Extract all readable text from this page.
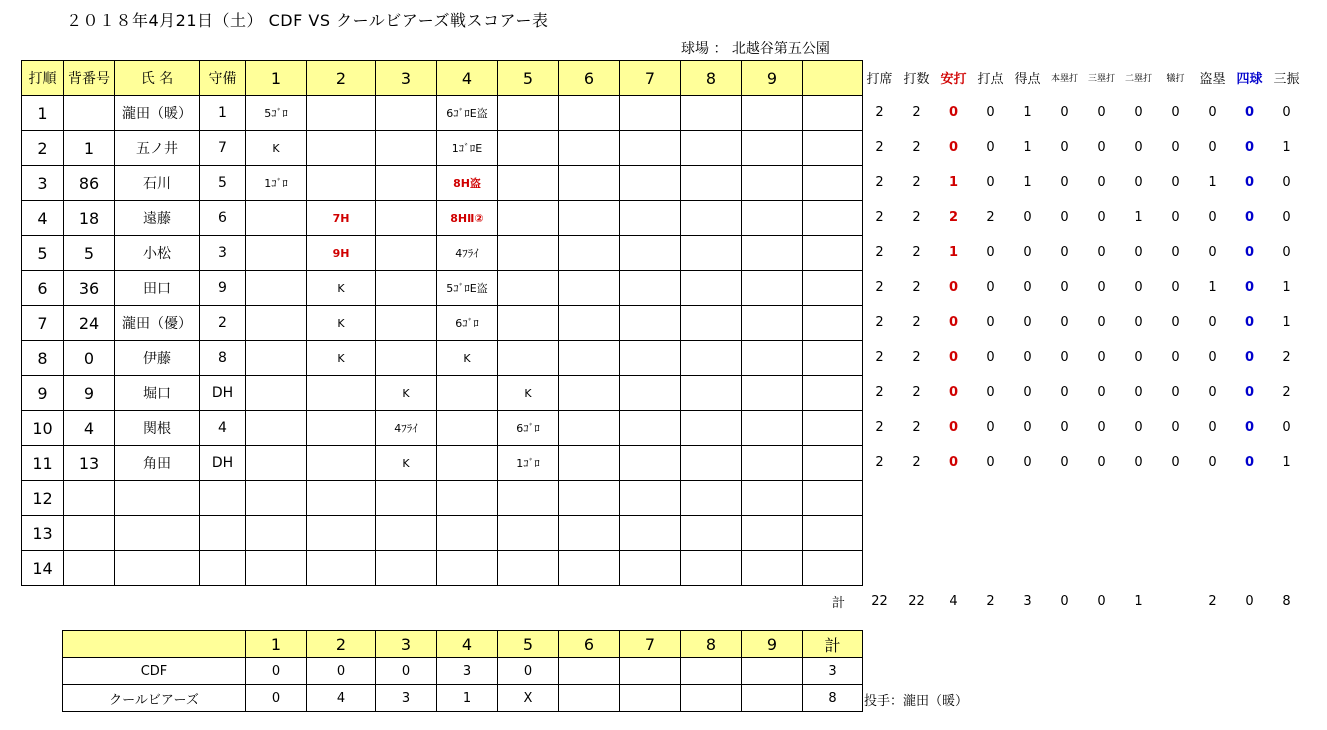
２０１８年4月21日（土） CDF VS クールビアーズ戦スコアー表
球場 ： 北越谷第五公園
打順	背番号	氏 名	守備	1	2	3	4	5	6	7	8	9	
1		瀧田（暖）	1	5ｺﾞﾛ			6ｺﾞﾛE盗						
2	1	五ノ井	7	K			1ｺﾞﾛE						
3	86	石川	5	1ｺﾞﾛ			8H盗						
4	18	遠藤	6		7H		8HⅡ②						
5	5	小松	3		9H		4ﾌﾗｲ						
6	36	田口	9		K		5ｺﾞﾛE盗						
7	24	瀧田（優）	2		K		6ｺﾞﾛ						
8	0	伊藤	8		K		K						
9	9	堀口	DH			K		K					
10	4	関根	4			4ﾌﾗｲ		6ｺﾞﾛ					
11	13	角田	DH			K		1ｺﾞﾛ					
12													
13													
14													
打席	打数	安打	打点	得点	本塁打	三塁打	二塁打	犠打	盗塁	四球	三振
2	2	0	0	1	0	0	0	0	0	0	0
2	2	0	0	1	0	0	0	0	0	0	1
2	2	1	0	1	0	0	0	0	1	0	0
2	2	2	2	0	0	0	1	0	0	0	0
2	2	1	0	0	0	0	0	0	0	0	0
2	2	0	0	0	0	0	0	0	1	0	1
2	2	0	0	0	0	0	0	0	0	0	1
2	2	0	0	0	0	0	0	0	0	0	2
2	2	0	0	0	0	0	0	0	0	0	2
2	2	0	0	0	0	0	0	0	0	0	0
2	2	0	0	0	0	0	0	0	0	0	1
計	22	22	4	2	3	0	0	1		2	0	8
	1	2	3	4	5	6	7	8	9	計
CDF	0	0	0	3	0					3
クールビアーズ	0	4	3	1	X					8 投手：瀧田（暖）
